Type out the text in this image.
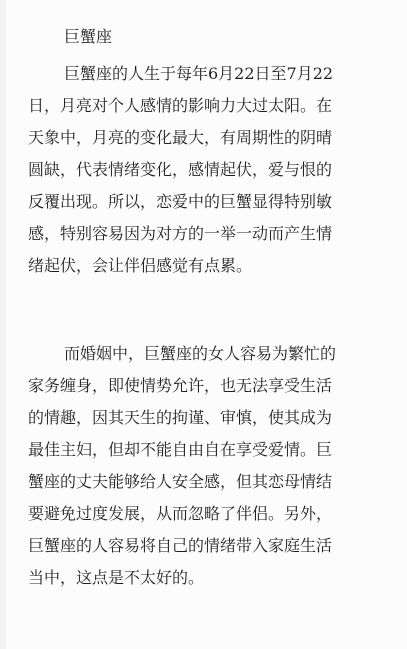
巨蟹座
巨蟹座的人生于每年6月22日至7月22
日，月亮对个人感情的影响力大过太阳。在
天象中，月亮的变化最大，有周期性的阴晴
圆缺，代表情绪变化，感情起伏，爱与恨的
反覆出现。所以，恋爱中的巨蟹显得特别敏
感，特别容易因为对方的一举一动而产生情
绪起伏，会让伴侣感觉有点累。
而婚姻中，巨蟹座的女人容易为繁忙的
家务缠身，即使情势允许，也无法享受生活
的情趣，因其天生的拘谨、审慎，使其成为
最佳主妇，但却不能自由自在享受爱情。巨
蟹座的丈夫能够给人安全感，但其恋母情结
要避免过度发展，从而忽略了伴侣。另外，
巨蟹座的人容易将自己的情绪带入家庭生活
当中，这点是不太好的。
